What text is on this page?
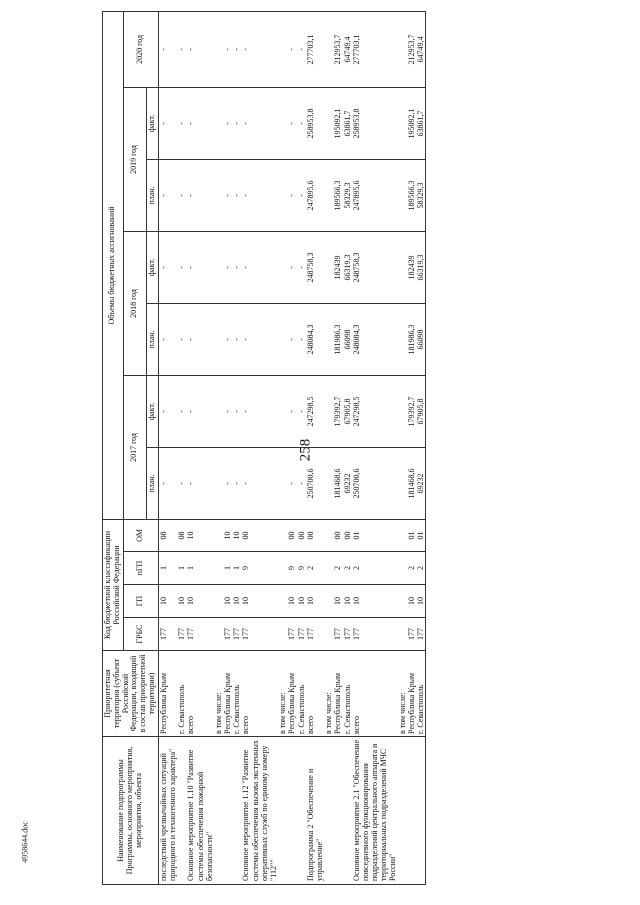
258
4958644.doc	Наименование подпрограммы Программы, основного мероприятия, мероприятия, объекта	Приоритетная территория (субъект Российской Федерации, входящий в состав приоритетной территории)	Код бюджетной классификации Российской Федерации				Объемы бюджетных ассигнований						
		ГРБС	ГП	пГП	ОМ	2017 год		2018 год		2019 год		2020 год
						план.	факт.	план.	факт.	план.	факт.	
последствий чрезвычайных ситуаций природного и техногенного характера"	Республика Крым	177	10	1	08	-	-	-	-	-	-	-
	г. Севастополь	177	10	1	08	-	-	-	-	-	-	-
Основное мероприятие 1.10 "Развитие системы обеспечения пожарной безопасности"	всего	177	10	1	10	-	-	-	-	-	-	-
	в том числе:											
	Республика Крым	177	10	1	10	-	-	-	-	-	-	-
	г. Севастополь	177	10	1	10	-	-	-	-	-	-	-
Основное мероприятие 1.12 "Развитие системы обеспечения вызова экстренных оперативных служб по единому номеру "112""	всего	177	10	9	00	-	-	-	-	-	-	-
	в том числе:											
	Республика Крым	177	10	9	00	-	-	-	-	-	-	-
	г. Севастополь	177	10	9	00	-	-	-	-	-	-	-
Подпрограмма 2 "Обеспечение и управление"	всего	177	10	2	00	250700,6	247298,5	248084,3	248758,3	247895,6	258953,8	277703,1
	в том числе:											
	Республика Крым	177	10	2	00	181468,6	179392,7	181986,3	182439	189566,3	195092,1	212953,7
	г. Севастополь	177	10	2	00	69232	67905,8	66098	66319,3	58329,3	63861,7	64749,4
Основное мероприятие 2.1 "Обеспечение повседневного функционирования подразделений центрального аппарата и территориальных подразделений МЧС России"	всего	177	10	2	01	250700,6	247298,5	248084,3	248758,3	247895,6	258953,8	277703,1
	в том числе:											
	Республика Крым	177	10	2	01	181468,6	179392,7	181986,3	182439	189566,3	195092,1	212953,7
	г. Севастополь	177	10	2	01	69232	67905,8	66098	66319,3	58329,3	63861,7	64749,4
